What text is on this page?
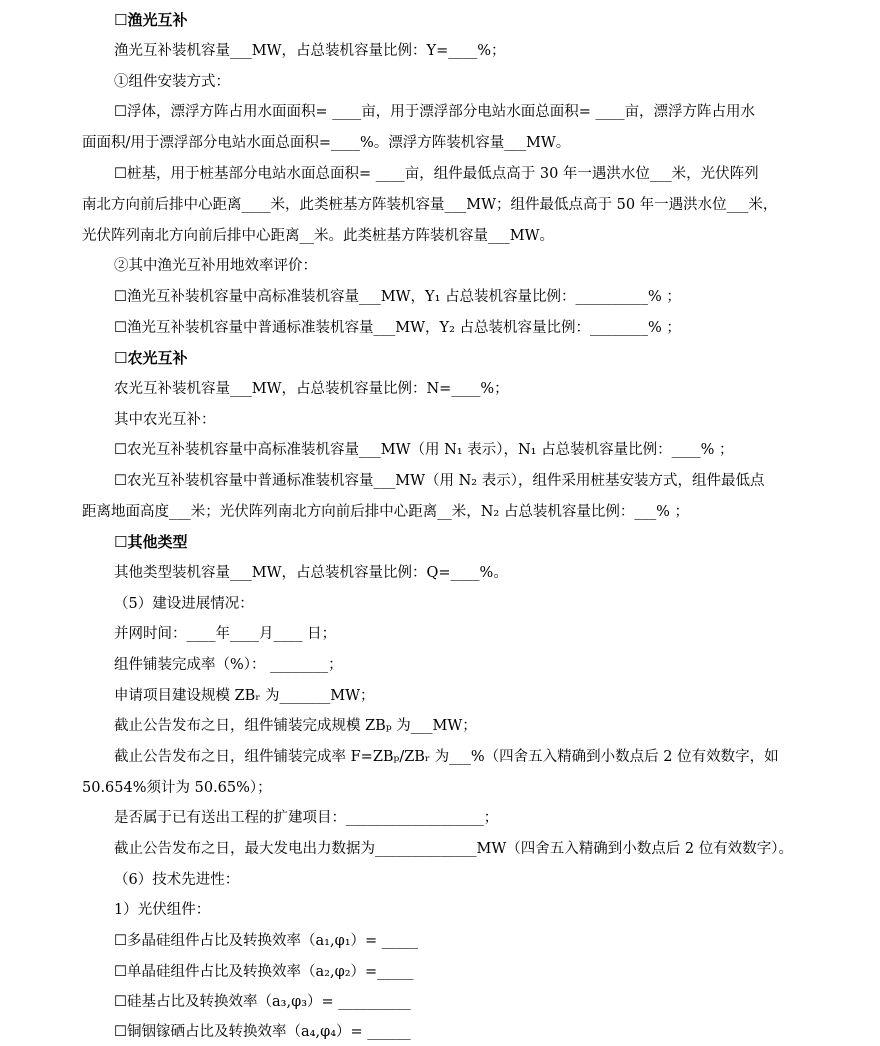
☐渔光互补
渔光互补装机容量___MW，占总装机容量比例：Y=____%；
①组件安装方式：
☐浮体，漂浮方阵占用水面面积= ____亩，用于漂浮部分电站水面总面积= ____亩，漂浮方阵占用水
面面积/用于漂浮部分电站水面总面积=____%。漂浮方阵装机容量___MW。
☐桩基，用于桩基部分电站水面总面积= ____亩，组件最低点高于 30 年一遇洪水位___米，光伏阵列
南北方向前后排中心距离____米，此类桩基方阵装机容量___MW；组件最低点高于 50 年一遇洪水位___米，
光伏阵列南北方向前后排中心距离__米。此类桩基方阵装机容量___MW。
②其中渔光互补用地效率评价：
☐渔光互补装机容量中高标准装机容量___MW，Y₁ 占总装机容量比例：__________% ；
☐渔光互补装机容量中普通标准装机容量___MW，Y₂ 占总装机容量比例：________% ；
☐农光互补
农光互补装机容量___MW，占总装机容量比例：N=____%；
其中农光互补：
☐农光互补装机容量中高标准装机容量___MW（用 N₁ 表示），N₁ 占总装机容量比例：____% ；
☐农光互补装机容量中普通标准装机容量___MW（用 N₂ 表示），组件采用桩基安装方式，组件最低点
距离地面高度___米；光伏阵列南北方向前后排中心距离__米，N₂ 占总装机容量比例：___% ；
☐其他类型
其他类型装机容量___MW，占总装机容量比例：Q=____%。
（5）建设进展情况：
并网时间：____年____月____ 日；
组件铺装完成率（%）： ________；
申请项目建设规模 ZBᵣ 为_______MW；
截止公告发布之日，组件铺装完成规模 ZBₚ 为___MW；
截止公告发布之日，组件铺装完成率 F=ZBₚ/ZBᵣ 为___%（四舍五入精确到小数点后 2 位有效数字，如
50.654%须计为 50.65%）；
是否属于已有送出工程的扩建项目：___________________；
截止公告发布之日，最大发电出力数据为______________MW（四舍五入精确到小数点后 2 位有效数字）。
（6）技术先进性：
1）光伏组件：
☐多晶硅组件占比及转换效率（a₁,φ₁）= _____
☐单晶硅组件占比及转换效率（a₂,φ₂）=_____
☐硅基占比及转换效率（a₃,φ₃）= __________
☐铜铟镓硒占比及转换效率（a₄,φ₄）= ______
